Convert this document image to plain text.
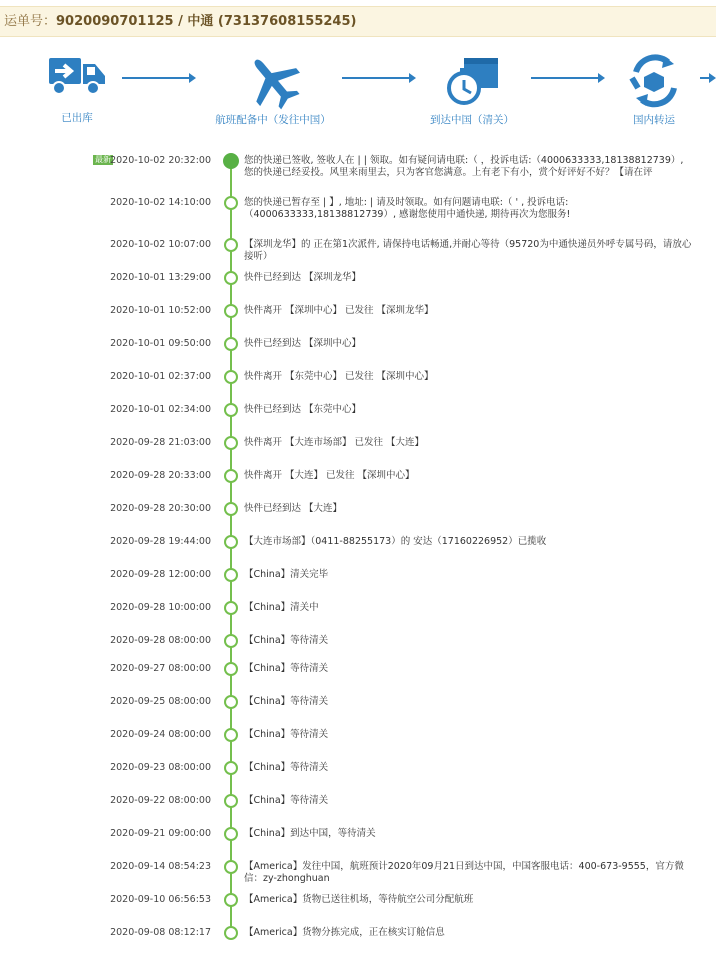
运单号：9020090701125 / 中通 (73137608155245)
已出库	航班配备中（发往中国）	到达中国（清关）	国内转运
最新 2020-10-02 20:32:00	您的快递已签收, 签收人在 | | 领取。如有疑问请电联:（ ，投诉电话:（4000633333,18138812739）, 您的快递已经妥投。风里来雨里去，只为客官您满意。上有老下有小，赏个好评好不好？【请在评
2020-10-02 14:10:00	您的快递已暂存至 | 】, 地址: | 请及时领取。如有问题请电联:（ ' , 投诉电话:（4000633333,18138812739）, 感谢您使用中通快递, 期待再次为您服务!
2020-10-02 10:07:00	【深圳龙华】的 正在第1次派件, 请保持电话畅通,并耐心等待（95720为中通快递员外呼专属号码，请放心接听）
2020-10-01 13:29:00	快件已经到达 【深圳龙华】
2020-10-01 10:52:00	快件离开 【深圳中心】 已发往 【深圳龙华】
2020-10-01 09:50:00	快件已经到达 【深圳中心】
2020-10-01 02:37:00	快件离开 【东莞中心】 已发往 【深圳中心】
2020-10-01 02:34:00	快件已经到达 【东莞中心】
2020-09-28 21:03:00	快件离开 【大连市场部】 已发往 【大连】
2020-09-28 20:33:00	快件离开 【大连】 已发往 【深圳中心】
2020-09-28 20:30:00	快件已经到达 【大连】
2020-09-28 19:44:00	【大连市场部】（0411-88255173）的 安达（17160226952）已揽收
2020-09-28 12:00:00	【China】清关完毕
2020-09-28 10:00:00	【China】清关中
2020-09-28 08:00:00	【China】等待清关
2020-09-27 08:00:00	【China】等待清关
2020-09-25 08:00:00	【China】等待清关
2020-09-24 08:00:00	【China】等待清关
2020-09-23 08:00:00	【China】等待清关
2020-09-22 08:00:00	【China】等待清关
2020-09-21 09:00:00	【China】到达中国，等待清关
2020-09-14 08:54:23	【America】发往中国，航班预计2020年09月21日到达中国，中国客服电话：400-673-9555，官方微信：zy-zhonghuan
2020-09-10 06:56:53	【America】货物已送往机场，等待航空公司分配航班
2020-09-08 08:12:17	【America】货物分拣完成，正在核实订舱信息
